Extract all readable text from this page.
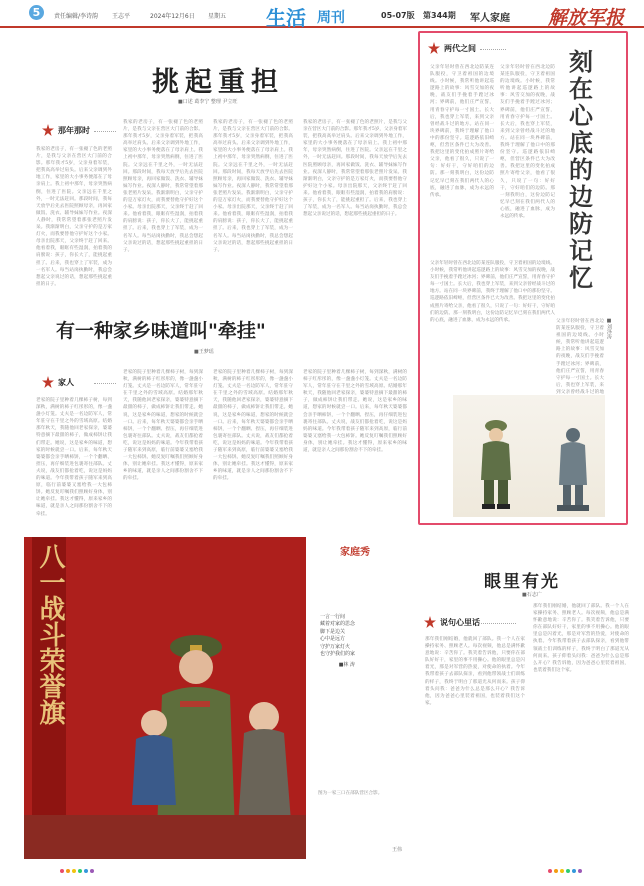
5	责任编辑/李诗韵 王志平	2024年12月6日 星期五 生活 周刊	05-07版 第344期 军人家庭 解放军报
挑起重担
■口述 葛李宁 整理 尹立旺
那年那时
我家的老房子，有一张褪了色的老照片，是我与父亲在营区大门前的合影。那年我才5岁，父亲身着军装，把我高高举过肩头。后来父亲调到外地工作，家里的大小事务便落在了母亲肩上。我上初中那年，母亲突然病倒，住进了医院。父亲远在千里之外，一时无法赶回。那段时间，我每天放学后先去医院照顾母亲，再回家做饭、洗衣、辅导妹妹写作业。夜深人静时，我常常望着那张老照片发呆。我渐渐明白，父亲守护的是万家灯火，而我要替他守护好这个小家。母亲出院那天，父亲终于赶了回来。他看着我，眼眶有些湿润，拍着我的肩膀说：孩子，你长大了，能挑起重担了。后来，我也穿上了军装，成为一名军人。每当站岗执勤时，我总会想起父亲说过的话，想起那些挑起重担的日子。
我家的老房子，有一张褪了色的老照片，是我与父亲在营区大门前的合影。那年我才5岁，父亲身着军装，把我高高举过肩头。后来父亲调到外地工作，家里的大小事务便落在了母亲肩上。我上初中那年，母亲突然病倒，住进了医院。父亲远在千里之外，一时无法赶回。那段时间，我每天放学后先去医院照顾母亲，再回家做饭、洗衣、辅导妹妹写作业。夜深人静时，我常常望着那张老照片发呆。我渐渐明白，父亲守护的是万家灯火，而我要替他守护好这个小家。母亲出院那天，父亲终于赶了回来。他看着我，眼眶有些湿润，拍着我的肩膀说：孩子，你长大了，能挑起重担了。后来，我也穿上了军装，成为一名军人。每当站岗执勤时，我总会想起父亲说过的话，想起那些挑起重担的日子。
我家的老房子，有一张褪了色的老照片，是我与父亲在营区大门前的合影。那年我才5岁，父亲身着军装，把我高高举过肩头。后来父亲调到外地工作，家里的大小事务便落在了母亲肩上。我上初中那年，母亲突然病倒，住进了医院。父亲远在千里之外，一时无法赶回。那段时间，我每天放学后先去医院照顾母亲，再回家做饭、洗衣、辅导妹妹写作业。夜深人静时，我常常望着那张老照片发呆。我渐渐明白，父亲守护的是万家灯火，而我要替他守护好这个小家。母亲出院那天，父亲终于赶了回来。他看着我，眼眶有些湿润，拍着我的肩膀说：孩子，你长大了，能挑起重担了。后来，我也穿上了军装，成为一名军人。每当站岗执勤时，我总会想起父亲说过的话，想起那些挑起重担的日子。
我家的老房子，有一张褪了色的老照片，是我与父亲在营区大门前的合影。那年我才5岁，父亲身着军装，把我高高举过肩头。后来父亲调到外地工作，家里的大小事务便落在了母亲肩上。我上初中那年，母亲突然病倒，住进了医院。父亲远在千里之外，一时无法赶回。那段时间，我每天放学后先去医院照顾母亲，再回家做饭、洗衣、辅导妹妹写作业。夜深人静时，我常常望着那张老照片发呆。我渐渐明白，父亲守护的是万家灯火，而我要替他守护好这个小家。母亲出院那天，父亲终于赶了回来。他看着我，眼眶有些湿润，拍着我的肩膀说：孩子，你长大了，能挑起重担了。后来，我也穿上了军装，成为一名军人。每当站岗执勤时，我总会想起父亲说过的话，想起那些挑起重担的日子。
有一种家乡味道叫"牵挂"
■王梦瑶
家人
老家的院子里种着几棵柿子树，每到深秋，满树的柿子红彤彤的，像一盏盏小灯笼。丈夫是一名边防军人，常年驻守在千里之外的雪域高原。结婚那年秋天，我随他回老家探亲，婆婆特意摘下最甜的柿子，做成柿饼让我们带走。她说，这是家乡的味道，想家的时候就尝一口。后来，每年秋天婆婆都会亲手晒柿饼，一个个翻晒、捏压，再仔细装进包裹寄往部队。丈夫说，战友们都抢着吃，说这是妈妈的味道。今年我带着孩子随军来到高原，临行前婆婆又塞给我一大包柿饼。她反复叮嘱我们照顾好身体，别让她牵挂。我这才懂得，原来家乡的味道，就是亲人之间那份割舍不下的牵挂。
老家的院子里种着几棵柿子树，每到深秋，满树的柿子红彤彤的，像一盏盏小灯笼。丈夫是一名边防军人，常年驻守在千里之外的雪域高原。结婚那年秋天，我随他回老家探亲，婆婆特意摘下最甜的柿子，做成柿饼让我们带走。她说，这是家乡的味道，想家的时候就尝一口。后来，每年秋天婆婆都会亲手晒柿饼，一个个翻晒、捏压，再仔细装进包裹寄往部队。丈夫说，战友们都抢着吃，说这是妈妈的味道。今年我带着孩子随军来到高原，临行前婆婆又塞给我一大包柿饼。她反复叮嘱我们照顾好身体，别让她牵挂。我这才懂得，原来家乡的味道，就是亲人之间那份割舍不下的牵挂。
老家的院子里种着几棵柿子树，每到深秋，满树的柿子红彤彤的，像一盏盏小灯笼。丈夫是一名边防军人，常年驻守在千里之外的雪域高原。结婚那年秋天，我随他回老家探亲，婆婆特意摘下最甜的柿子，做成柿饼让我们带走。她说，这是家乡的味道，想家的时候就尝一口。后来，每年秋天婆婆都会亲手晒柿饼，一个个翻晒、捏压，再仔细装进包裹寄往部队。丈夫说，战友们都抢着吃，说这是妈妈的味道。今年我带着孩子随军来到高原，临行前婆婆又塞给我一大包柿饼。她反复叮嘱我们照顾好身体，别让她牵挂。我这才懂得，原来家乡的味道，就是亲人之间那份割舍不下的牵挂。
老家的院子里种着几棵柿子树，每到深秋，满树的柿子红彤彤的，像一盏盏小灯笼。丈夫是一名边防军人，常年驻守在千里之外的雪域高原。结婚那年秋天，我随他回老家探亲，婆婆特意摘下最甜的柿子，做成柿饼让我们带走。她说，这是家乡的味道，想家的时候就尝一口。后来，每年秋天婆婆都会亲手晒柿饼，一个个翻晒、捏压，再仔细装进包裹寄往部队。丈夫说，战友们都抢着吃，说这是妈妈的味道。今年我带着孩子随军来到高原，临行前婆婆又塞给我一大包柿饼。她反复叮嘱我们照顾好身体，别让她牵挂。我这才懂得，原来家乡的味道，就是亲人之间那份割舍不下的牵挂。
两代之间	刻在心底的边防记忆
■刘泽涛
父亲年轻时曾在西北边防某连队服役，守卫着祖国的边境线。小时候，我常听他讲起巡逻路上的故事：风雪交加的夜晚，战友们手挽着手蹚过冰河；界碑前，他们庄严宣誓，用青春守护每一寸国土。长大后，我也穿上军装，来到父亲曾经战斗过的地方。站在同一块界碑前，我终于理解了他口中的那份坚守。巡逻路依旧崎岖，但营区条件已大为改善。我把这里的变化拍成照片寄给父亲，他看了很久，只说了一句：好好干，守好咱们的边防。那一刻我明白，这份边防记忆早已刻在我们两代人的心底，融进了血脉，成为永远的传承。
父亲年轻时曾在西北边防某连队服役，守卫着祖国的边境线。小时候，我常听他讲起巡逻路上的故事：风雪交加的夜晚，战友们手挽着手蹚过冰河；界碑前，他们庄严宣誓，用青春守护每一寸国土。长大后，我也穿上军装，来到父亲曾经战斗过的地方。站在同一块界碑前，我终于理解了他口中的那份坚守。巡逻路依旧崎岖，但营区条件已大为改善。我把这里的变化拍成照片寄给父亲，他看了很久，只说了一句：好好干，守好咱们的边防。那一刻我明白，这份边防记忆早已刻在我们两代人的心底，融进了血脉，成为永远的传承。
父亲年轻时曾在西北边防某连队服役，守卫着祖国的边境线。小时候，我常听他讲起巡逻路上的故事：风雪交加的夜晚，战友们手挽着手蹚过冰河；界碑前，他们庄严宣誓，用青春守护每一寸国土。长大后，我也穿上军装，来到父亲曾经战斗过的地方。站在同一块界碑前，我终于理解了他口中的那份坚守。巡逻路依旧崎岖，但营区条件已大为改善。我把这里的变化拍成照片寄给父亲，他看了很久，只说了一句：好好干，守好咱们的边防。那一刻我明白，这份边防记忆早已刻在我们两代人的心底，融进了血脉，成为永远的传承。	父亲年轻时曾在西北边防某连队服役，守卫着祖国的边境线。小时候，我常听他讲起巡逻路上的故事：风雪交加的夜晚，战友们手挽着手蹚过冰河；界碑前，他们庄严宣誓，用青春守护每一寸国土。长大后，我也穿上军装，来到父亲曾经战斗过的地
家庭秀
眼里有光
■石志广
说句心里话
那年我们刚结婚，他就回了部队。我一个人在家操持家务、照顾老人。每次视频，他总是满怀歉意地说：辛苦你了。我笑着告诉他，只要你在部队好好干，家里的事不用操心。他的眼里总是闪着光，那是对军营的热爱，对使命的执着。今年我带着孩子去部队探亲，看到他带领战士们训练的样子，我终于明白了那道光从何而来。孩子仰着头问我：爸爸为什么总是那么开心？我告诉他，因为爸爸心里装着祖国，也装着我们这个家。
那年我们刚结婚，他就回了部队。我一个人在家操持家务、照顾老人。每次视频，他总是满怀歉意地说：辛苦你了。我笑着告诉他，只要你在部队好好干，家里的事不用操心。他的眼里总是闪着光，那是对军营的热爱，对使命的执着。今年我带着孩子去部队探亲，看到他带领战士们训练的样子，我终于明白了那道光从何而来。孩子仰着头问我：爸爸为什么总是那么开心？我告诉他，因为爸爸心里装着祖国，也装着我们这个家。
八一战斗荣誉旗	一言一行间
藏着对家的思念
脚下是边关
心中是远方
守护万家灯火
也守护我们的家
■林 涛
图为一家三口在部队营区合影。
王伟
